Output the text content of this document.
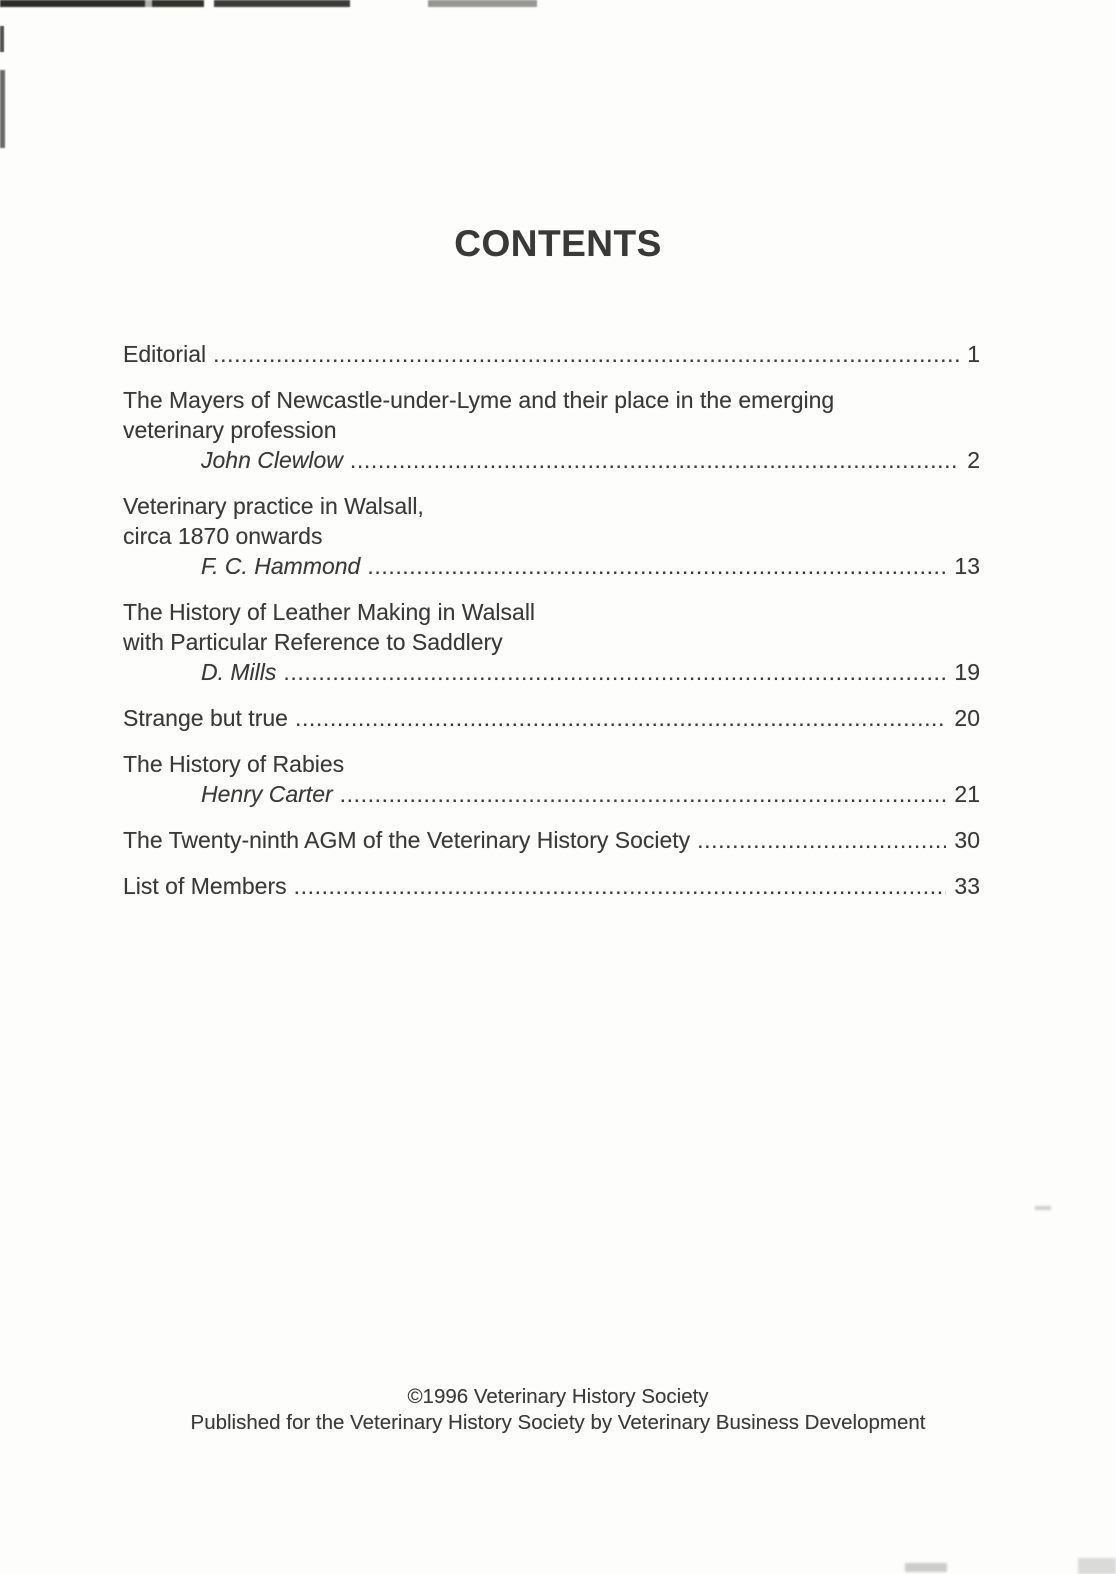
CONTENTS
Editorial .....	1
The Mayers of Newcastle-under-Lyme and their place in the emerging
veterinary profession
John Clewlow .....	2
Veterinary practice in Walsall,
circa 1870 onwards
F. C. Hammond .....	13
The History of Leather Making in Walsall
with Particular Reference to Saddlery
D. Mills .....	19
Strange but true .....	20
The History of Rabies
Henry Carter .....	21
The Twenty-ninth AGM of the Veterinary History Society .....	30
List of Members .....	33
©1996 Veterinary History Society
Published for the Veterinary History Society by Veterinary Business Development
